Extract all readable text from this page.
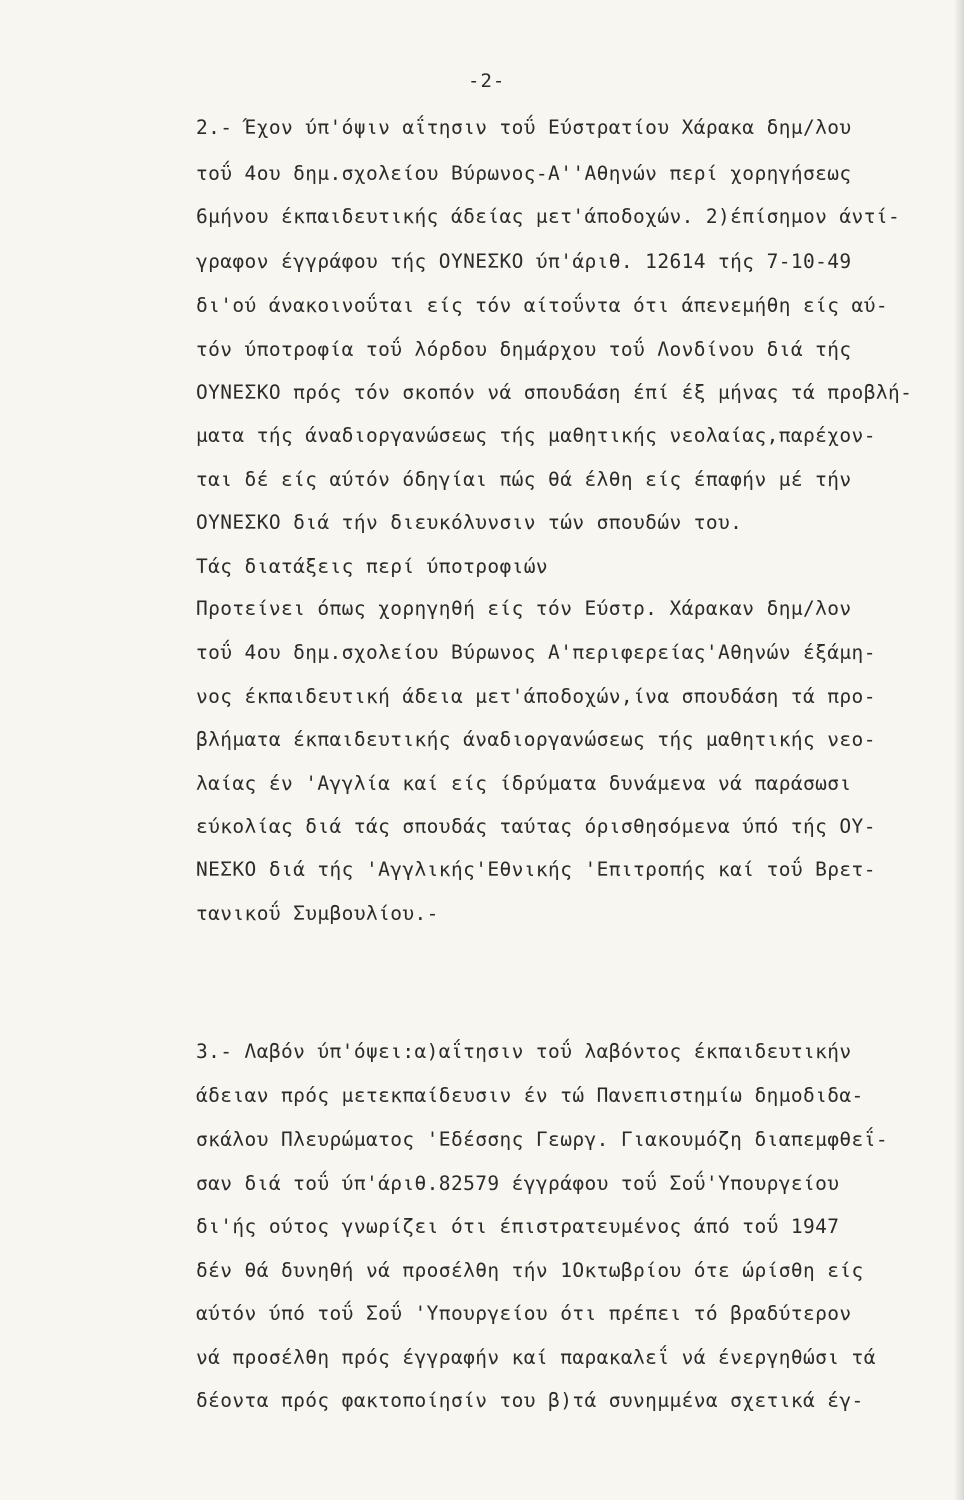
-2-
2.- Έχον ύπ'όψιν αΐτησιν τοΰ Εύστρατίου Χάρακα δημ/λου
τοΰ 4ου δημ.σχολείου Βύρωνος-Α''Αθηνών περί χορηγήσεως
6μήνου έκπαιδευτικής άδείας μετ'άποδοχών. 2)έπίσημον άντί-
γραφον έγγράφου τής ΟΥΝΕΣΚΟ ύπ'άριθ. 12614 τής 7-10-49
δι'ού άνακοινοΰται είς τόν αίτοΰντα ότι άπενεμήθη είς αύ-
τόν ύποτροφία τοΰ λόρδου δημάρχου τοΰ Λονδίνου διά τής
ΟΥΝΕΣΚΟ πρός τόν σκοπόν νά σπουδάση έπί έξ μήνας τά προβλή-
ματα τής άναδιοργανώσεως τής μαθητικής νεολαίας,παρέχον-
ται δέ είς αύτόν όδηγίαι πώς θά έλθη είς έπαφήν μέ τήν
ΟΥΝΕΣΚΟ διά τήν διευκόλυνσιν τών σπουδών του.
Τάς διατάξεις περί ύποτροφιών
Προτείνει όπως χορηγηθή είς τόν Εύστρ. Χάρακαν δημ/λον
τοΰ 4ου δημ.σχολείου Βύρωνος Α'περιφερείας'Αθηνών έξάμη-
νος έκπαιδευτική άδεια μετ'άποδοχών,ίνα σπουδάση τά προ-
βλήματα έκπαιδευτικής άναδιοργανώσεως τής μαθητικής νεο-
λαίας έν 'Αγγλία καί είς ίδρύματα δυνάμενα νά παράσωσι
εύκολίας διά τάς σπουδάς ταύτας όρισθησόμενα ύπό τής ΟΥ-
ΝΕΣΚΟ διά τής 'Αγγλικής'Εθνικής 'Επιτροπής καί τοΰ Βρετ-
τανικοΰ Συμβουλίου.-
3.- Λαβόν ύπ'όψει:α)αΐτησιν τοΰ λαβόντος έκπαιδευτικήν
άδειαν πρός μετεκπαίδευσιν έν τώ Πανεπιστημίω δημοδιδα-
σκάλου Πλευρώματος 'Εδέσσης Γεωργ. Γιακουμόζη διαπεμφθεΐ-
σαν διά τοΰ ύπ'άριθ.82579 έγγράφου τοΰ Σοΰ'Υπουργείου
δι'ής ούτος γνωρίζει ότι έπιστρατευμένος άπό τοΰ 1947
δέν θά δυνηθή νά προσέλθη τήν 1Οκτωβρίου ότε ώρίσθη είς
αύτόν ύπό τοΰ Σοΰ 'Υπουργείου ότι πρέπει τό βραδύτερον
νά προσέλθη πρός έγγραφήν καί παρακαλεΐ νά ένεργηθώσι τά
δέοντα πρός φακτοποίησίν του β)τά συνημμένα σχετικά έγ-
